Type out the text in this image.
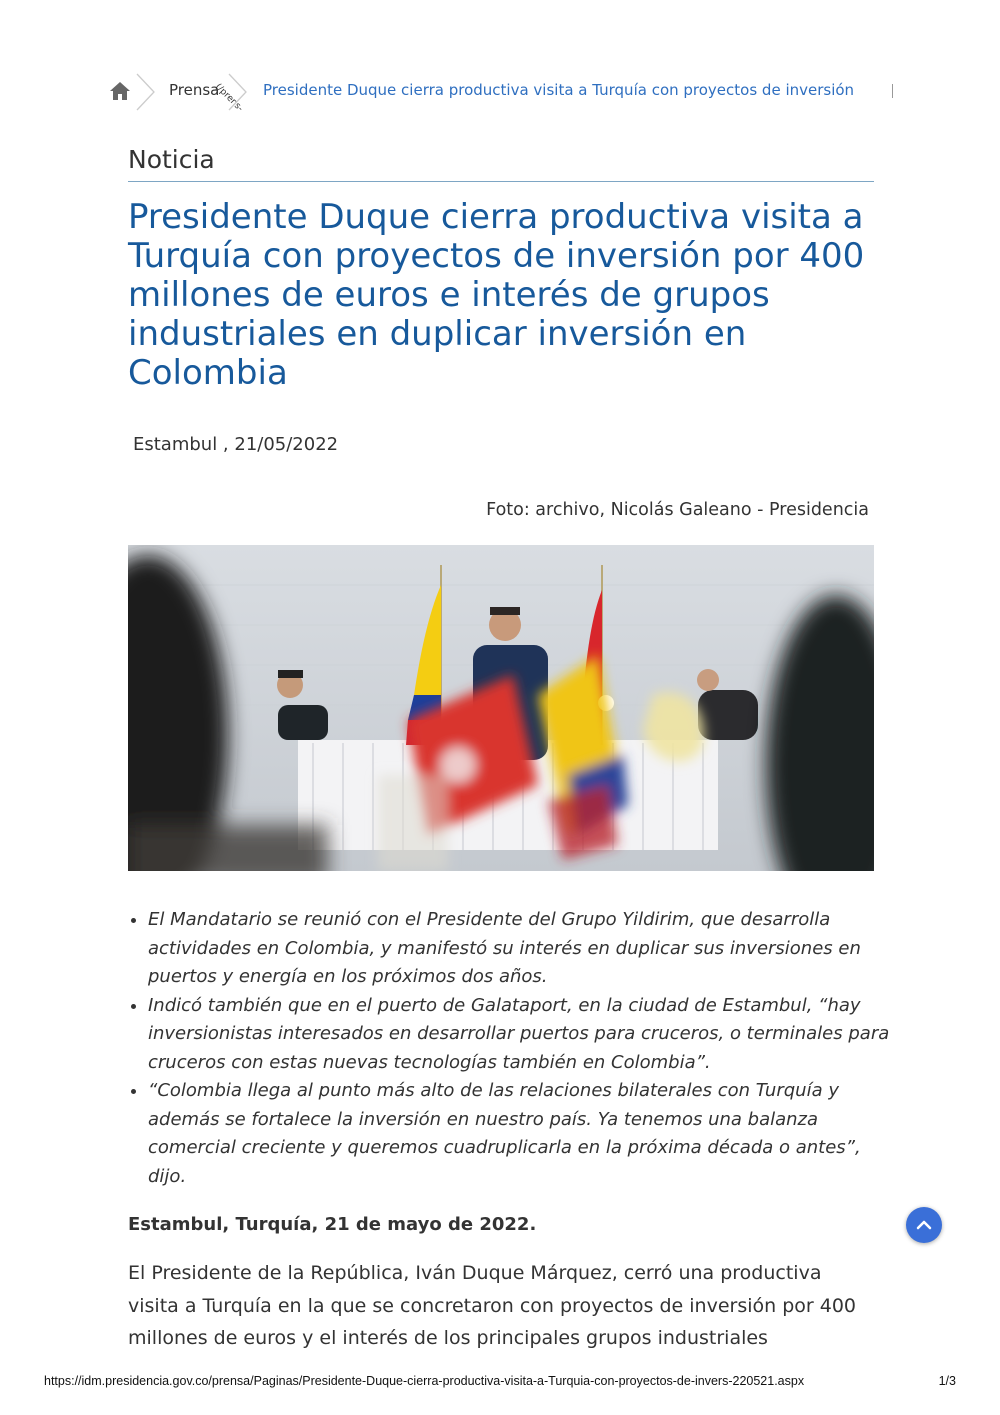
Prensa
(/prens- Presidente Duque cierra productiva visita a Turquía con proyectos de inversión
Noticia
Presidente Duque cierra productiva visita a Turquía con proyectos de inversión por 400 millones de euros e interés de grupos industriales en duplicar inversión en Colombia
Estambul , 21/05/2022
Foto: archivo, Nicolás Galeano - Presidencia
• El Mandatario se reunió con el Presidente del Grupo Yildirim, que desarrolla actividades en Colombia, y manifestó su interés en duplicar sus inversiones en puertos y energía en los próximos dos años.
• Indicó también que en el puerto de Galataport, en la ciudad de Estambul, “hay inversionistas interesados en desarrollar puertos para cruceros, o terminales para cruceros con estas nuevas tecnologías también en Colombia”.
• “Colombia llega al punto más alto de las relaciones bilaterales con Turquía y además se fortalece la inversión en nuestro país. Ya tenemos una balanza comercial creciente y queremos cuadruplicarla en la próxima década o antes”, dijo.
Estambul, Turquía, 21 de mayo de 2022.

El Presidente de la República, Iván Duque Márquez, cerró una productiva visita a Turquía en la que se concretaron con proyectos de inversión por 400 millones de euros y el interés de los principales grupos industriales

https://idm.presidencia.gov.co/prensa/Paginas/Presidente-Duque-cierra-productiva-visita-a-Turquia-con-proyectos-de-invers-220521.aspx	1/3
